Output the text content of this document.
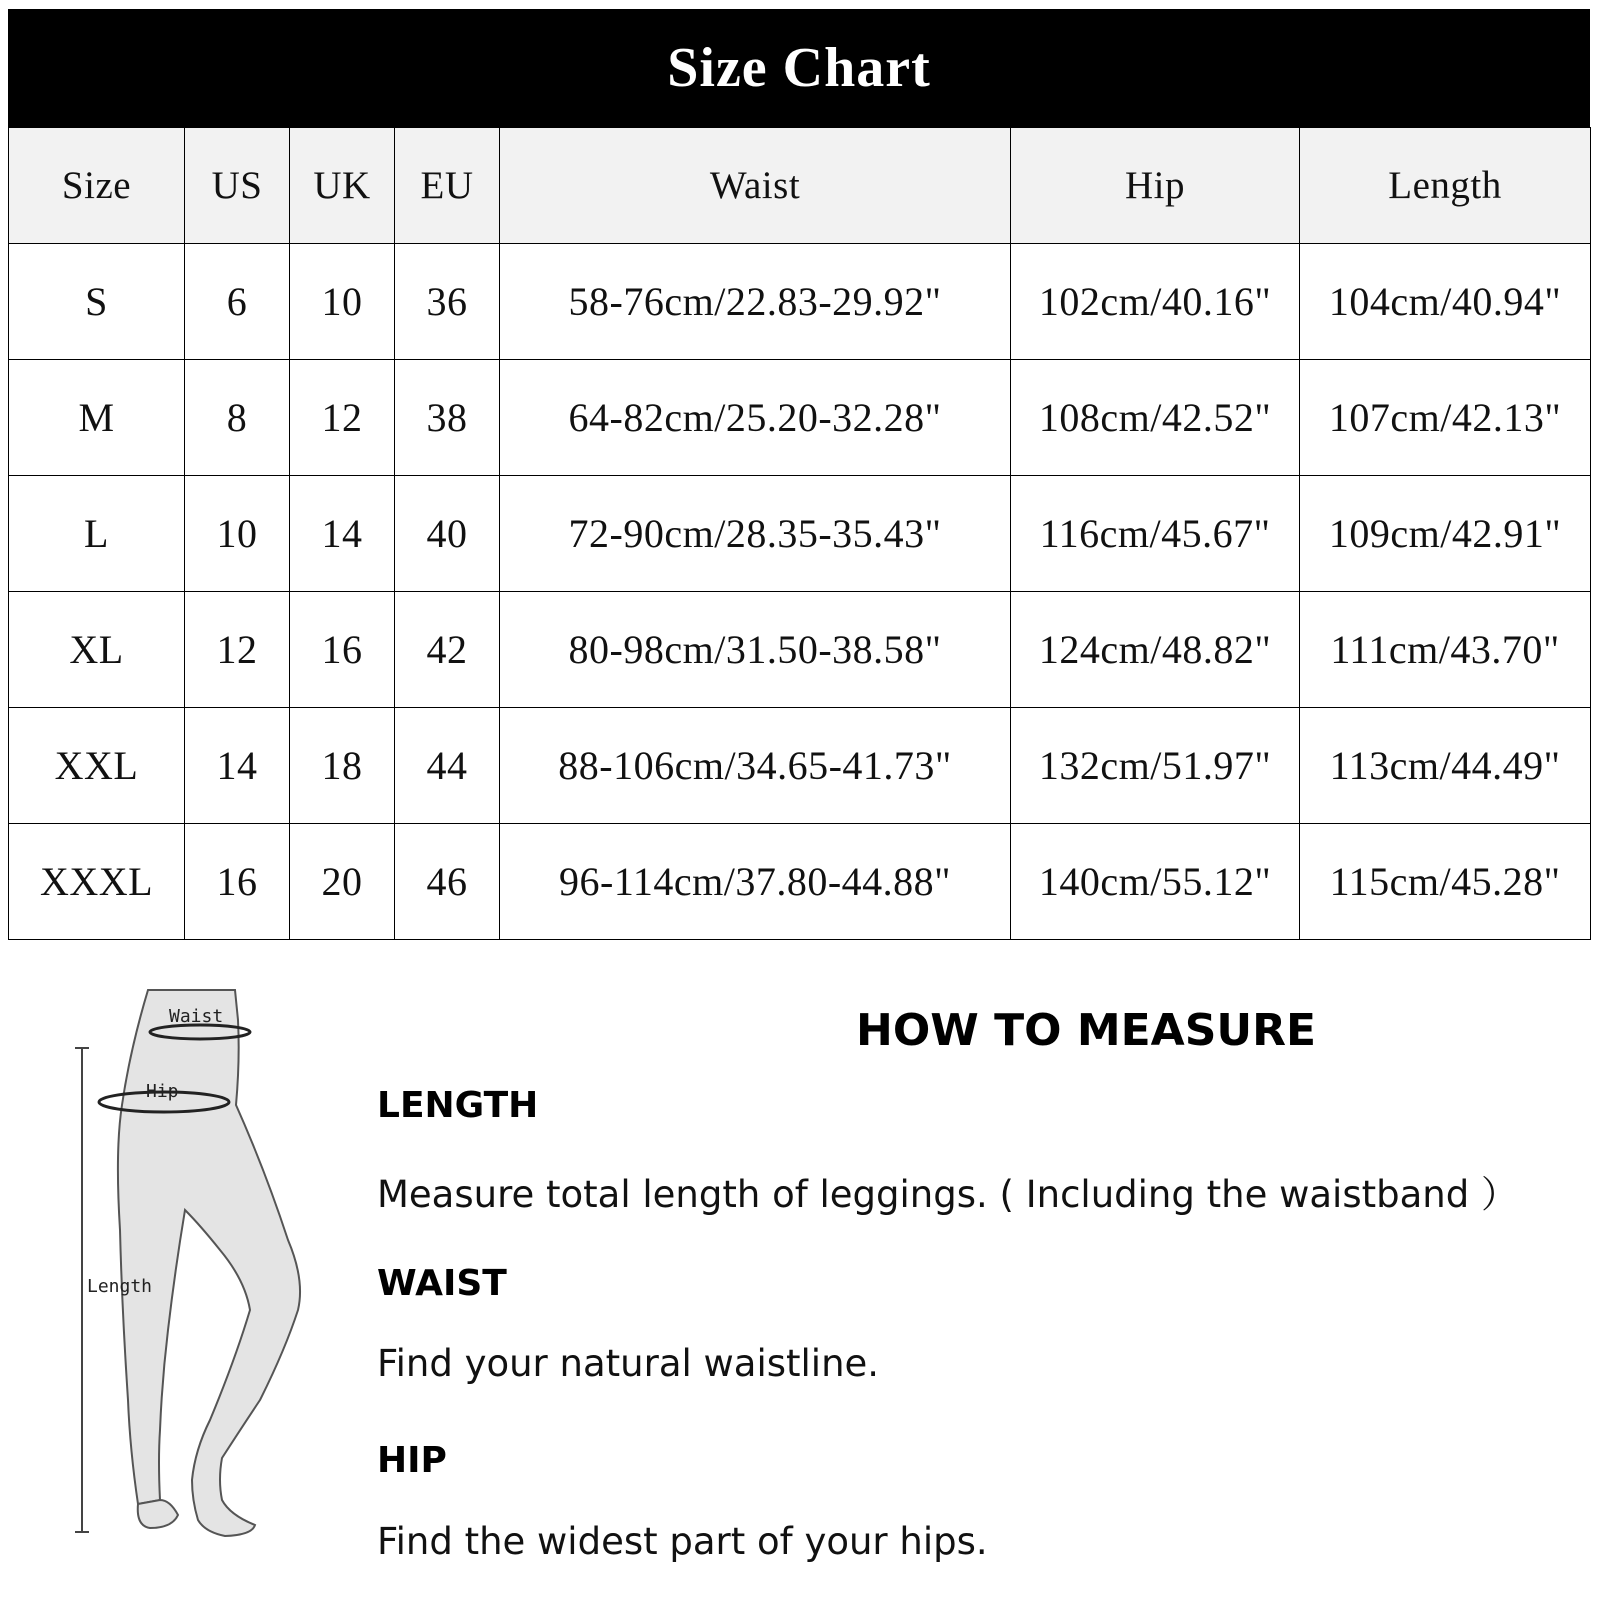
Size Chart
Size	US	UK	EU	Waist	Hip	Length
S	6	10	36	58-76cm/22.83-29.92"	102cm/40.16"	104cm/40.94"
M	8	12	38	64-82cm/25.20-32.28"	108cm/42.52"	107cm/42.13"
L	10	14	40	72-90cm/28.35-35.43"	116cm/45.67"	109cm/42.91"
XL	12	16	42	80-98cm/31.50-38.58"	124cm/48.82"	111cm/43.70"
XXL	14	18	44	88-106cm/34.65-41.73"	132cm/51.97"	113cm/44.49"
XXXL	16	20	46	96-114cm/37.80-44.88"	140cm/55.12"	115cm/45.28"
Waist
Hip
Length
HOW TO MEASURE
LENGTH
Measure total length of leggings. ( Including the waistband ）
WAIST
Find your natural waistline.
HIP
Find the widest part of your hips.
